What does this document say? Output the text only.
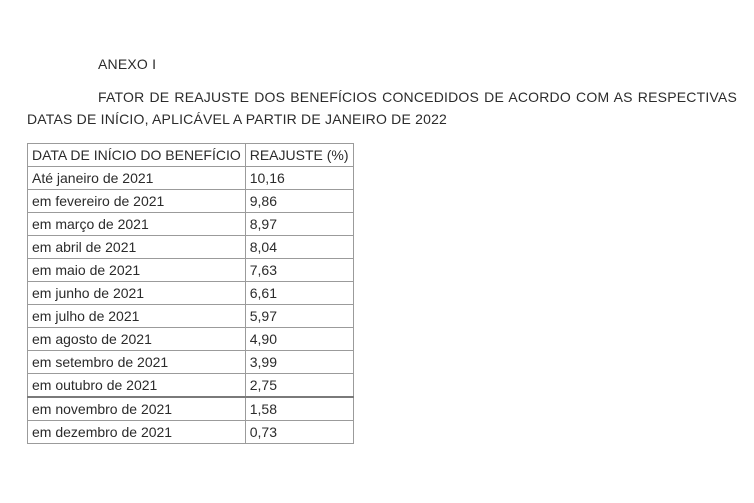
ANEXO I
FATOR DE REAJUSTE DOS BENEFÍCIOS CONCEDIDOS DE ACORDO COM AS RESPECTIVAS DATAS DE INÍCIO, APLICÁVEL A PARTIR DE JANEIRO DE 2022
DATA DE INÍCIO DO BENEFÍCIO	REAJUSTE (%)
Até janeiro de 2021	10,16
em fevereiro de 2021	9,86
em março de 2021	8,97
em abril de 2021	8,04
em maio de 2021	7,63
em junho de 2021	6,61
em julho de 2021	5,97
em agosto de 2021	4,90
em setembro de 2021	3,99
em outubro de 2021	2,75
em novembro de 2021	1,58
em dezembro de 2021	0,73
